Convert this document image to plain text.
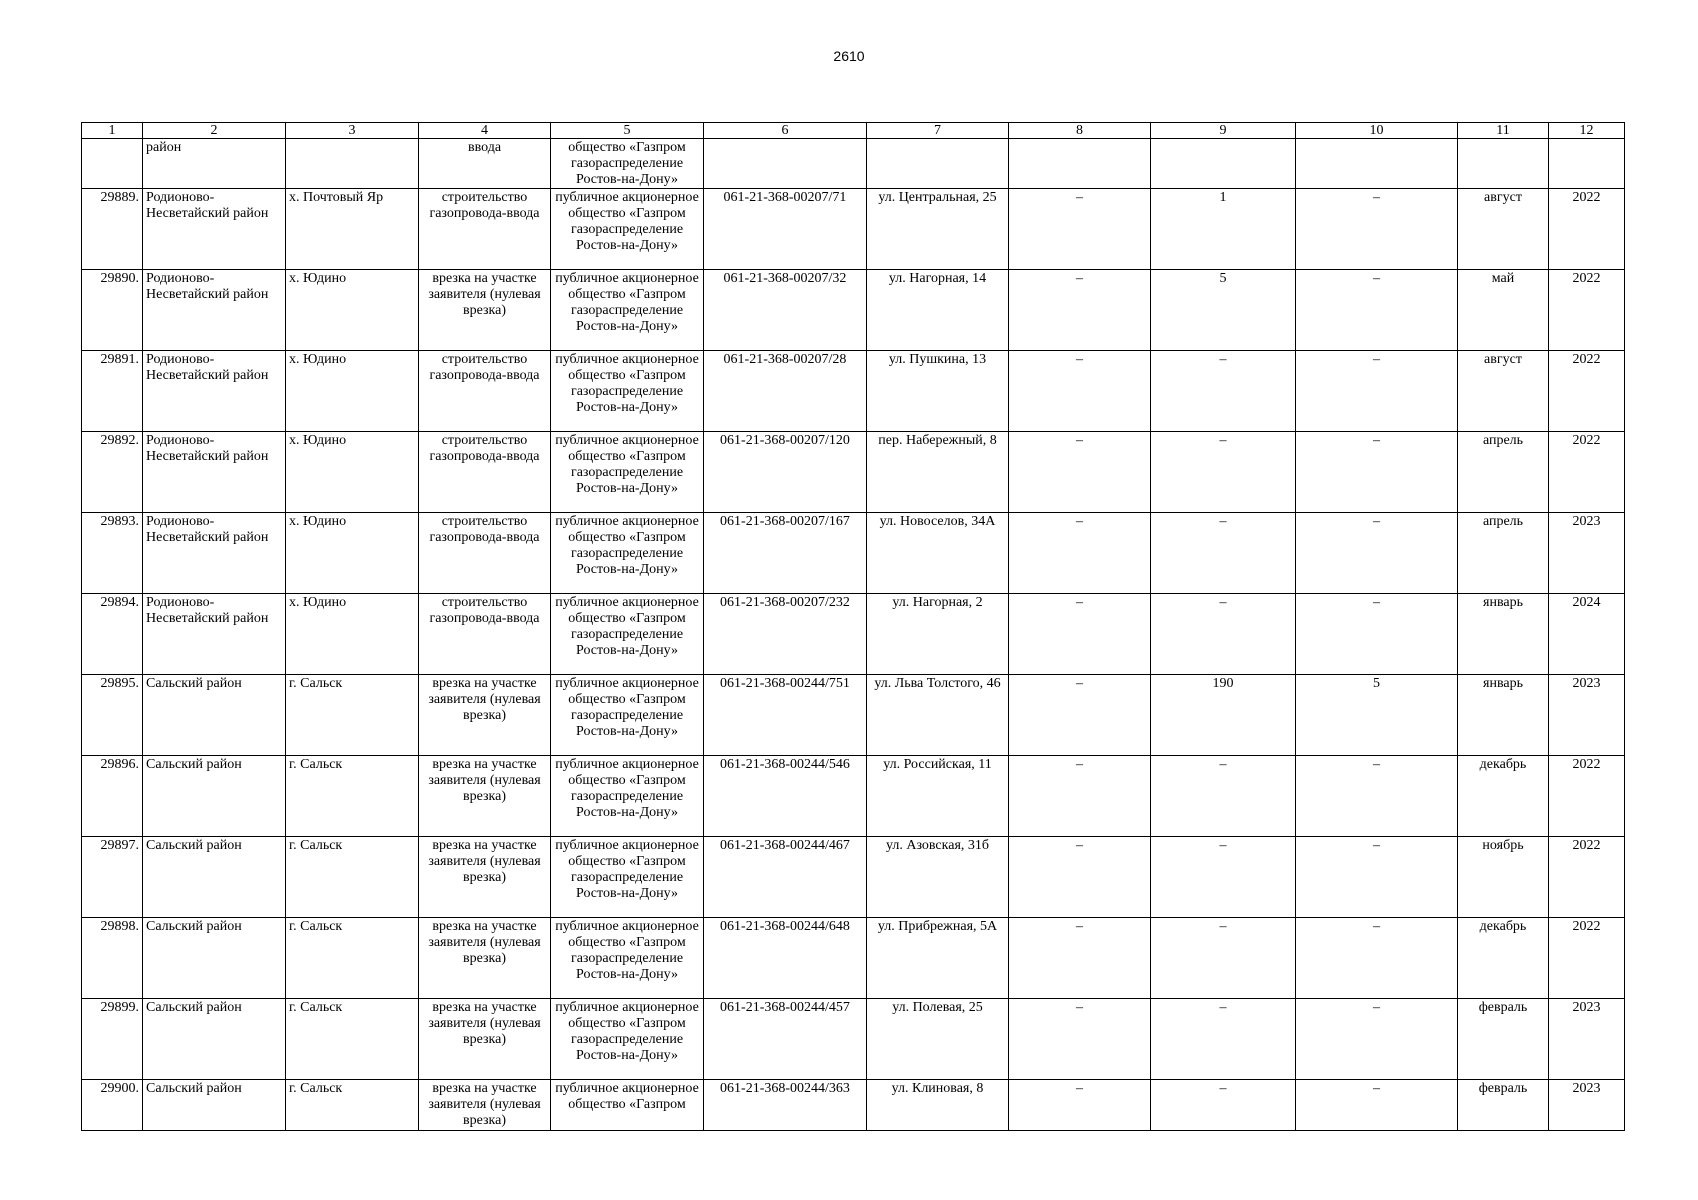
2610
1	2	3	4	5	6	7	8	9	10	11	12
	район		ввода	общество «Газпром газораспределение Ростов-на-Дону»							
29889.	Родионово-Несветайский район	х. Почтовый Яр	строительство газопровода-ввода	публичное акционерное общество «Газпром газораспределение Ростов-на-Дону»	061-21-368-00207/71	ул. Центральная, 25	–	1	–	август	2022
29890.	Родионово-Несветайский район	х. Юдино	врезка на участке заявителя (нулевая врезка)	публичное акционерное общество «Газпром газораспределение Ростов-на-Дону»	061-21-368-00207/32	ул. Нагорная, 14	–	5	–	май	2022
29891.	Родионово-Несветайский район	х. Юдино	строительство газопровода-ввода	публичное акционерное общество «Газпром газораспределение Ростов-на-Дону»	061-21-368-00207/28	ул. Пушкина, 13	–	–	–	август	2022
29892.	Родионово-Несветайский район	х. Юдино	строительство газопровода-ввода	публичное акционерное общество «Газпром газораспределение Ростов-на-Дону»	061-21-368-00207/120	пер. Набережный, 8	–	–	–	апрель	2022
29893.	Родионово-Несветайский район	х. Юдино	строительство газопровода-ввода	публичное акционерное общество «Газпром газораспределение Ростов-на-Дону»	061-21-368-00207/167	ул. Новоселов, 34А	–	–	–	апрель	2023
29894.	Родионово-Несветайский район	х. Юдино	строительство газопровода-ввода	публичное акционерное общество «Газпром газораспределение Ростов-на-Дону»	061-21-368-00207/232	ул. Нагорная, 2	–	–	–	январь	2024
29895.	Сальский район	г. Сальск	врезка на участке заявителя (нулевая врезка)	публичное акционерное общество «Газпром газораспределение Ростов-на-Дону»	061-21-368-00244/751	ул. Льва Толстого, 46	–	190	5	январь	2023
29896.	Сальский район	г. Сальск	врезка на участке заявителя (нулевая врезка)	публичное акционерное общество «Газпром газораспределение Ростов-на-Дону»	061-21-368-00244/546	ул. Российская, 11	–	–	–	декабрь	2022
29897.	Сальский район	г. Сальск	врезка на участке заявителя (нулевая врезка)	публичное акционерное общество «Газпром газораспределение Ростов-на-Дону»	061-21-368-00244/467	ул. Азовская, 31б	–	–	–	ноябрь	2022
29898.	Сальский район	г. Сальск	врезка на участке заявителя (нулевая врезка)	публичное акционерное общество «Газпром газораспределение Ростов-на-Дону»	061-21-368-00244/648	ул. Прибрежная, 5А	–	–	–	декабрь	2022
29899.	Сальский район	г. Сальск	врезка на участке заявителя (нулевая врезка)	публичное акционерное общество «Газпром газораспределение Ростов-на-Дону»	061-21-368-00244/457	ул. Полевая, 25	–	–	–	февраль	2023
29900.	Сальский район	г. Сальск	врезка на участке заявителя (нулевая врезка)	публичное акционерное общество «Газпром	061-21-368-00244/363	ул. Клиновая, 8	–	–	–	февраль	2023
